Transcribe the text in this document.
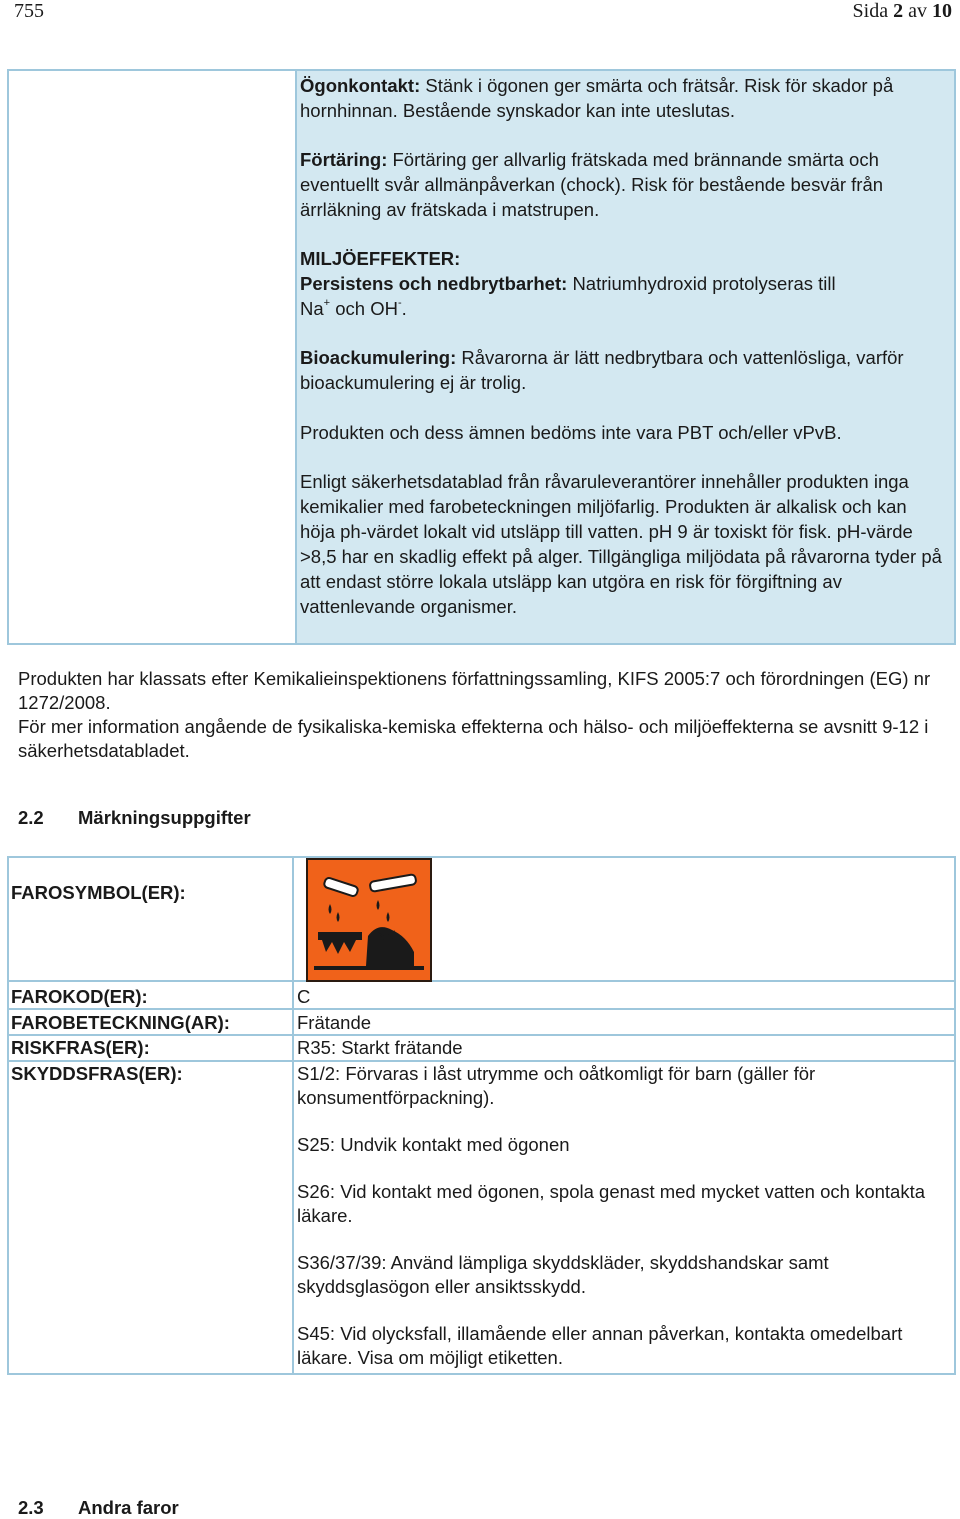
755	Sida 2 av 10
Ögonkontakt: Stänk i ögonen ger smärta och frätsår. Risk för skador på hornhinnan. Bestående synskador kan inte uteslutas.
Förtäring: Förtäring ger allvarlig frätskada med brännande smärta och eventuellt svår allmänpåverkan (chock). Risk för bestående besvär från ärrläkning av frätskada i matstrupen.
MILJÖEFFEKTER:
Persistens och nedbrytbarhet: Natriumhydroxid protolyseras till
Na+ och OH-.
Bioackumulering: Råvarorna är lätt nedbrytbara och vattenlösliga, varför bioackumulering ej är trolig.
Produkten och dess ämnen bedöms inte vara PBT och/eller vPvB.
Enligt säkerhetsdatablad från råvaruleverantörer innehåller produkten inga kemikalier med farobeteckningen miljöfarlig. Produkten är alkalisk och kan höja ph-värdet lokalt vid utsläpp till vatten. pH 9 är toxiskt för fisk. pH-värde >8,5 har en skadlig effekt på alger. Tillgängliga miljödata på råvarorna tyder på att endast större lokala utsläpp kan utgöra en risk för förgiftning av vattenlevande organismer.
Produkten har klassats efter Kemikalieinspektionens författningssamling, KIFS 2005:7 och förordningen (EG) nr 1272/2008.
För mer information angående de fysikaliska-kemiska effekterna och hälso- och miljöeffekterna se avsnitt 9-12 i säkerhetsdatabladet.
2.2 Märkningsuppgifter
FAROSYMBOL(ER):
FAROKOD(ER):	C
FAROBETECKNING(AR):	Frätande
RISKFRAS(ER):	R35: Starkt frätande
SKYDDSFRAS(ER):	S1/2: Förvaras i låst utrymme och oåtkomligt för barn (gäller för konsumentförpackning).
S25: Undvik kontakt med ögonen
S26: Vid kontakt med ögonen, spola genast med mycket vatten och kontakta läkare.
S36/37/39: Använd lämpliga skyddskläder, skyddshandskar samt skyddsglasögon eller ansiktsskydd.
S45: Vid olycksfall, illamående eller annan påverkan, kontakta omedelbart läkare. Visa om möjligt etiketten.
2.3 Andra faror
